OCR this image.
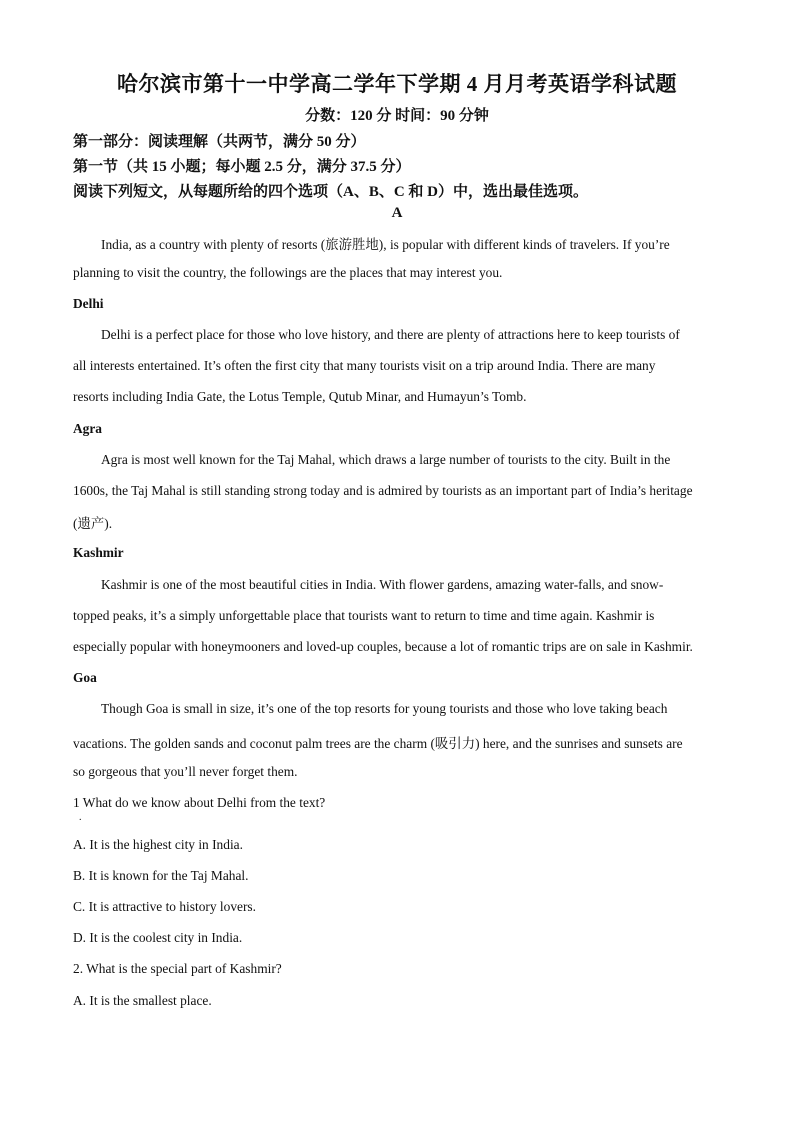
哈尔滨市第十一中学高二学年下学期 4 月月考英语学科试题
分数：120 分 时间：90 分钟
第一部分：阅读理解（共两节，满分 50 分）
第一节（共 15 小题；每小题 2.5 分，满分 37.5 分）
阅读下列短文，从每题所给的四个选项（A、B、C 和 D）中，选出最佳选项。
A
India, as a country with plenty of resorts (旅游胜地), is popular with different kinds of travelers. If you’re
planning to visit the country, the followings are the places that may interest you.
Delhi
Delhi is a perfect place for those who love history, and there are plenty of attractions here to keep tourists of
all interests entertained. It’s often the first city that many tourists visit on a trip around India. There are many
resorts including India Gate, the Lotus Temple, Qutub Minar, and Humayun’s Tomb.
Agra
Agra is most well known for the Taj Mahal, which draws a large number of tourists to the city. Built in the
1600s, the Taj Mahal is still standing strong today and is admired by tourists as an important part of India’s heritage
(遗产).
Kashmir
Kashmir is one of the most beautiful cities in India. With flower gardens, amazing water-falls, and snow-
topped peaks, it’s a simply unforgettable place that tourists want to return to time and time again. Kashmir is
especially popular with honeymooners and loved-up couples, because a lot of romantic trips are on sale in Kashmir.
Goa
Though Goa is small in size, it’s one of the top resorts for young tourists and those who love taking beach
vacations. The golden sands and coconut palm trees are the charm (吸引力) here, and the sunrises and sunsets are
so gorgeous that you’ll never forget them.
1 What do we know about Delhi from the text?
.
A. It is the highest city in India.
B. It is known for the Taj Mahal.
C. It is attractive to history lovers.
D. It is the coolest city in India.
2. What is the special part of Kashmir?
A. It is the smallest place.
